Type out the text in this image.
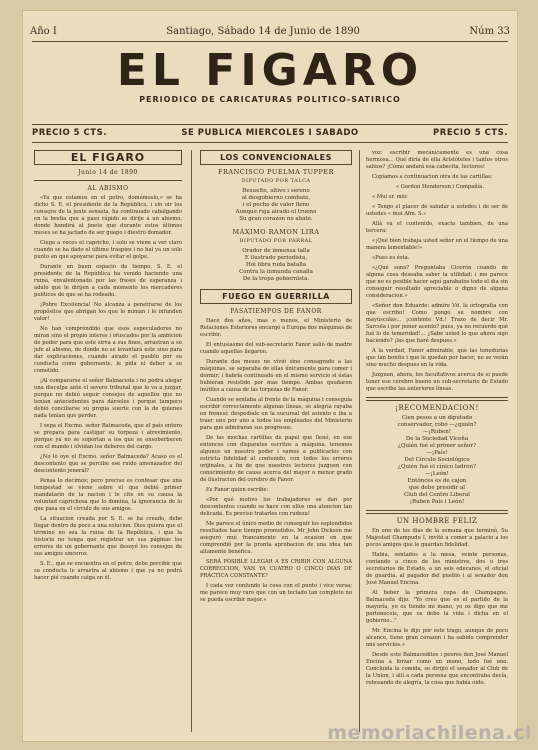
Año I	Santiago, Sábado 14 de Junio de 1890	Núm 33
EL FIGARO
PERIODICO DE CARICATURAS POLITICO-SATIRICO
PRECIO 5 CTS.	SE PUBLICA MIERCOLES I SABADO	PRECIO 5 CTS.
EL FIGARO
Junio 14 de 1890
AL ABISMO

«Ya que estamos en el potro, domémoslo,» se ha dicho S. E. el presidente de la República, i sin oir los consejos de la jente sensata, ha continuado cabalgando en la bestia que a paso rápido se dirije a un abismo, donde hundirá al jinete que durante estos últimos meses se ha jactado de ser guapo i diestro domador.

Ciega a veces el capricho, i solo se viene a ver claro cuando se ha dado el último traspies i no hai ya un solo punto en que apoyarse para evitar el golpe.

Durante un buen espacio de tiempo, S. E. el presidente de la República ha venido haciendo una ruina, envalentonado por las frases de esperanza i adulo que le dirijen a cada momento los mercaderes políticos de que se ha rodeado.

¡Pobre Excelencia! No alcanza a penetrarse de los propósitos que abrigan los que lo miman i le infunden valor!

No han comprendido que esos especuladores no miran sino el propio interes i ofuscados por la ambicion de poder para que este sirva a sus fines, arrastran a su jefe al abismo, de donde no se levantará este sino para dar explicaciones, cuando airado el pueblo por su conducta como gobernante, le pida el deber a su cometido.

¡Al compararse el señor Balmaceda i no podrá alegar una disculpa ante el severo tribunal que lo va a juzgar, porque no debió seguir consejos de aquellos que no tenian antecedentes para dárselos i porque tampoco debió conciliarse su propia suerte con la de quienes nada tenian que perder.

I sepa el Excmo. señor Balmaceda, que el país entero se prepara para castigar su torpeza i atrevimiento, porque ya no se soportan a los que se ensoberbecen con el mando i olvidan los deberes del cargo.

¿No lo oye el Excmo. señor Balmaceda? Acaso es el descontento que se percibe ese ruido amenazador del descontento jeneral?

Pensa lo decimos; pero preciso es confesar que una tempestad se viene sobre el que debió primer mandatario de la nacion i le cite en su causa la voluntad caprichosa que lo domina, la ignorancia de lo que pasa en el círculo de sus amigos.

La situacion creada por S. E. se ha creado, debe llegar dentro de poco a una solucion. Dios quiera que el término no sea la ruina de la República, i que la historia no tenga que registrar en sus páginas los errores de un gobernante que desoyó los consejos de sus amigos sinceros.

S. E., que se encuentra en el potro, debe percibir que su conducta le arrastra al abismo i que ya no podrá hacer pié cuando caiga en él.

LOS CONVENCIONALES
FRANCISCO PUELMA TUPPER
DIPUTADO POR TALCA
Resuelto, altivo i sereno
al desgobierno combate,
i el pecho de valor lleno
Aunque ruja airado el trueno
Su gran corazon no abate.
MÁXIMO RAMON LIRA
DIPUTADO POR PARRAL
Orador de inmensa talla
E ilustrado periodista,
Hoi libra ruda batalla
Contra la inmunda canalla
De la tropa gobiernista.
FUEGO EN GUERRILLA
PASATIEMPOS DE FANOR

Hace dos años, mas o menos, el Ministerio de Relaciones Esteriores encargó a Europa dos máquinas de escribir.

El entusiasmo del sub-secretario Fanor salió de madre cuando aquellas llegaron.

Durante dos meses no vivió sino consagrado a las máquinas, se separaba de ellas únicamente para comer i dormir; i habría continuado en el mismo servicio si éstas hubieran resistido por mas tiempo. Ambas quedaron inútiles a causa de las torpezas de Fanor.

Cuando se sentaba al frente de la máquina i conseguía escribir correctamente algunas líneas, se alegría rayaba en frenesí; despedíale en la sucursal del asiento e iba a traer uno por uno a todos los empleados del Ministerio para que admiraran sus progresos.

De las mochas cartillas de papel que llenó, en ese entonces con disparates escritos a máquina, tenemos algunos en nuestro poder i vamos a publicarlos con estricta fidelidad al contenido, con todos los errores orijinales, a fin de que nuestros lectores juzguen con conocimiento de causa acerca del mayor o menor grado de ilustracion del cerebro de Fanor.

Es Fanor quien escribe:

«Por qué motivo los trabajadores se dan por descontentos cuando se hace con ellos una atencion tan delicada. Es preciso tratarlos con rudeza!

Me parece el único medio de conseguir los esplendidos resultados hace tiempo prometidos. Mr John Dickson me aseguró mui francamente en la ocasion en que comprendió por la pronta aprobacion de una idea tan altamente benéfica.

SERÁ POSIBLE LLEGAR A ES CRIBIR CON ALGUNA CORRECCION, VAN YA CUATRO O CINCO DIAS DE PRÁCTICA CONSTANTE?

I cada vez confundo la cosa con el punto i vice versa; me parece muy raro que con un teclado tan completo no se pueda escribir mejor.»

voz: escribir mecánicamente es una cosa hermosa... Qué diría de ella Aristóteles i tantos otros sabios? ¡Cómo andará esa cabecita, lectores!

Copiamos a continuacion otra de las cartillas:

« Gordon Henderson i Compañía.

« Mui sr. mio:

« Tengo el placer de saludar a ustedes i de ser de ustedes « mui Afm. S.»

Allá va el contenido, exacto tambien, de una tercera:

«¡Qué bien trabaja usted señor en el tiempo de una manera lamentable!»

«Pues es ésta.

«¿Qué sono? Preguntaba Cicerón cuando de alguna cosa deseaba saber la utilidad; i me parece que no es posible hacer aquí garabatos todo el dia sin conseguir resultado apreciable o digno de alguna consideracion.»

«Señor don Eduardo: admire Vd. la ortografía con que escribo! Como pongo su nombre con mayúsculas... ¡contente Vd.! Trazo de decir Mr. Sarcola i por poner acento? pues, ya no recuerdo qué fué lo de temeridad!... ¿Sabe usted lo que ahora sigo haciendo? ¡las que haré despues.»

A la verdad, Fanor admirable, que las tenedurias que tan bonito i que le quedan por hacer, no se verán sino mucho despues en la vida.

Juzguen, ahora, los facultativos acerca de si puede tener ese cerebro bueno un sub-secretario de Estado que escribe las anteriores líneas.

¡RECOMENDACION!
Cien pesos a un diputado
conservador, robó —¿quién?
—¡Ruben!
De la Sociedad Viceña
¿Quién fué el primer señor?
—¡País!
Del Círculo Sociológico
¿Quién fué el cínico ladron?
—¡León!
Entónces es de cajon
que debe presidir al
Club del Centro Liberal
¡Ruben País i León!
UN HOMBRE FELIZ

En uno de los dias de la semana que terminó, Su Majestad Champudo I, invitó a comer a palacio a los pocos amigos que le guardan fidelidad.

Habia, sentados a la mesa, veinte personas, contando a cinco de los ministros, dos o tres secretarios de Estado, a un seis edecanes, el oficial de guardia, al pagador del pueblo i al senador don José Manuel Encina.

Al beber la primera copa de Champagne, Balmaceda dijo: "Yo creo que es el partido de la mayoría, yo os tiendo mi mano, yo os digo que me perteneceis, que os debo la vida i dicha en el gobierno..."

Mr. Encina le dijo por este trago, aunque de poco alcance, tiene gran corazon i ha sabido comprender mis servicios.»

Desde este Balmaceditos i peores den José Manuel Encina a forzar como un mono, todo fué uno. Concluida la comida, se dirijió el senador al Club de la Union, i allí a cada persona que encontraba decía, rebosando de alegría, la cosa que había oido.

memoriachilena.cl
